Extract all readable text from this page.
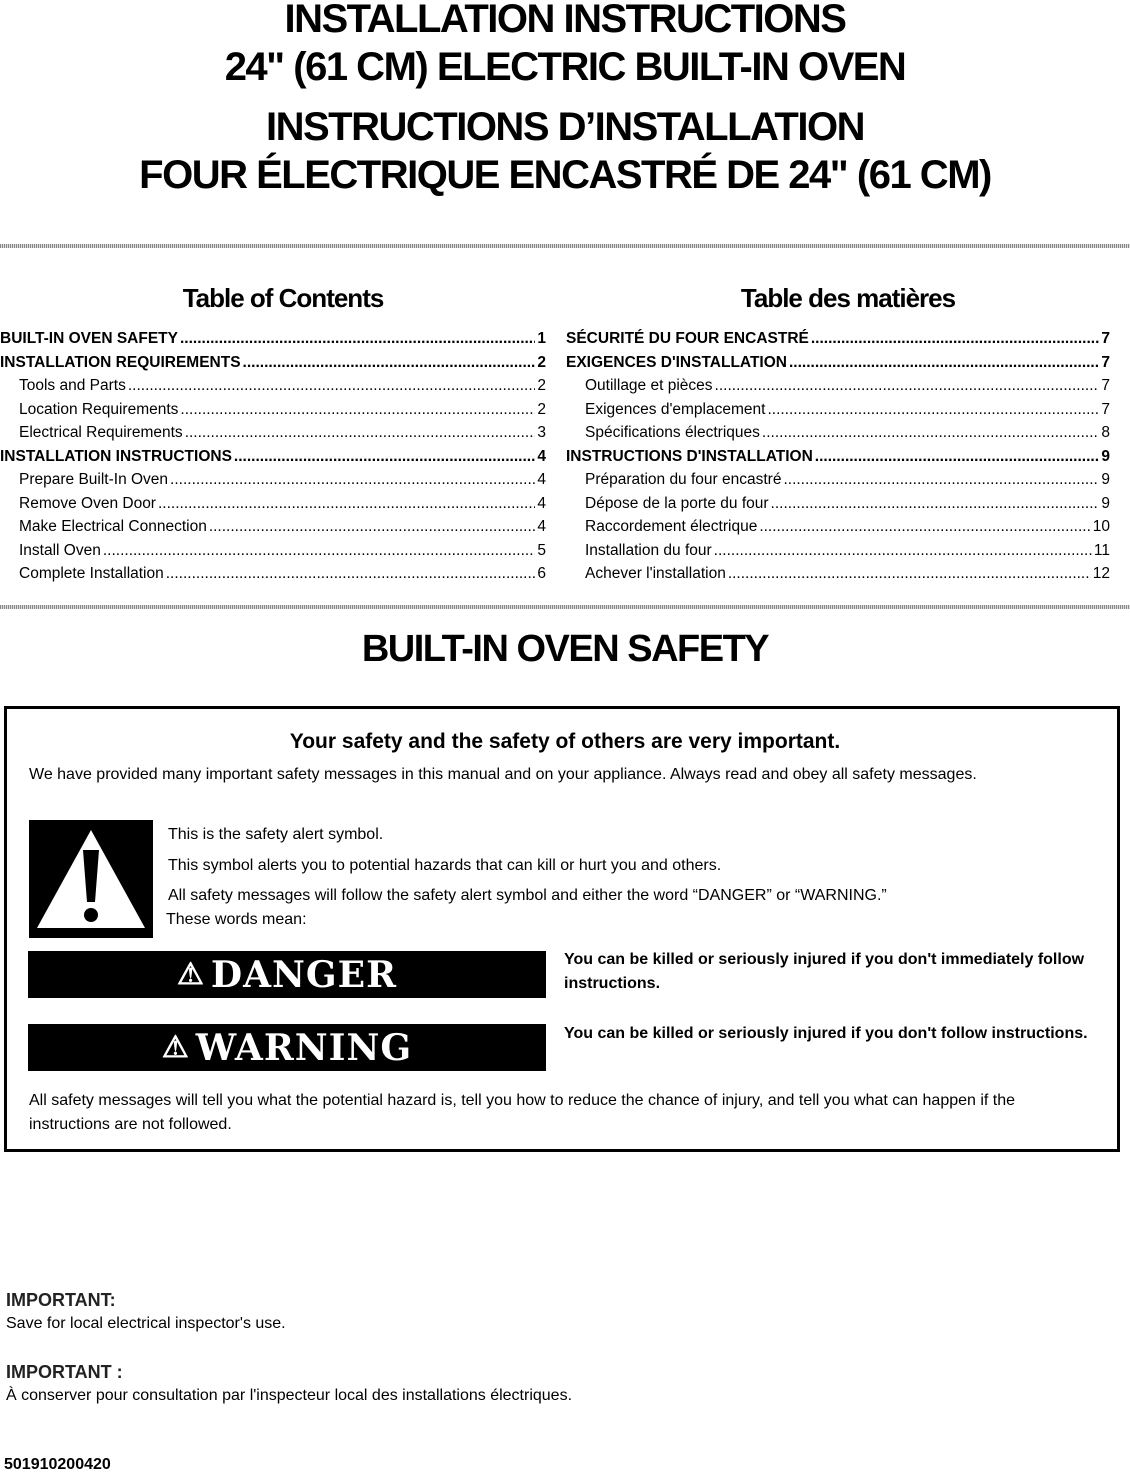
INSTALLATION INSTRUCTIONS
24" (61 CM) ELECTRIC BUILT-IN OVEN
INSTRUCTIONS D’INSTALLATION
FOUR ÉLECTRIQUE ENCASTRÉ DE 24" (61 CM)
Table of Contents	Table des matières
BUILT-IN OVEN SAFETY .....	1
INSTALLATION REQUIREMENTS .....	2
Tools and Parts .....	2
Location Requirements .....	2
Electrical Requirements .....	3
INSTALLATION INSTRUCTIONS .....	4
Prepare Built-In Oven .....	4
Remove Oven Door .....	4
Make Electrical Connection .....	4
Install Oven .....	5
Complete Installation .....	6
SÉCURITÉ DU FOUR ENCASTRÉ .....	7
EXIGENCES D'INSTALLATION .....	7
Outillage et pièces .....	7
Exigences d'emplacement .....	7
Spécifications électriques .....	8
INSTRUCTIONS D'INSTALLATION .....	9
Préparation du four encastré .....	9
Dépose de la porte du four .....	9
Raccordement électrique .....	10
Installation du four .....	11
Achever l'installation .....	12
BUILT-IN OVEN SAFETY
Your safety and the safety of others are very important.
We have provided many important safety messages in this manual and on your appliance. Always read and obey all safety messages.
This is the safety alert symbol.
This symbol alerts you to potential hazards that can kill or hurt you and others.
All safety messages will follow the safety alert symbol and either the word “DANGER” or “WARNING.”
These words mean:
⚠ DANGER	You can be killed or seriously injured if you don't immediately follow instructions.
⚠ WARNING	You can be killed or seriously injured if you don't follow instructions.
All safety messages will tell you what the potential hazard is, tell you how to reduce the chance of injury, and tell you what can happen if the instructions are not followed.
IMPORTANT:
Save for local electrical inspector's use.
IMPORTANT :
À conserver pour consultation par l'inspecteur local des installations électriques.
501910200420
